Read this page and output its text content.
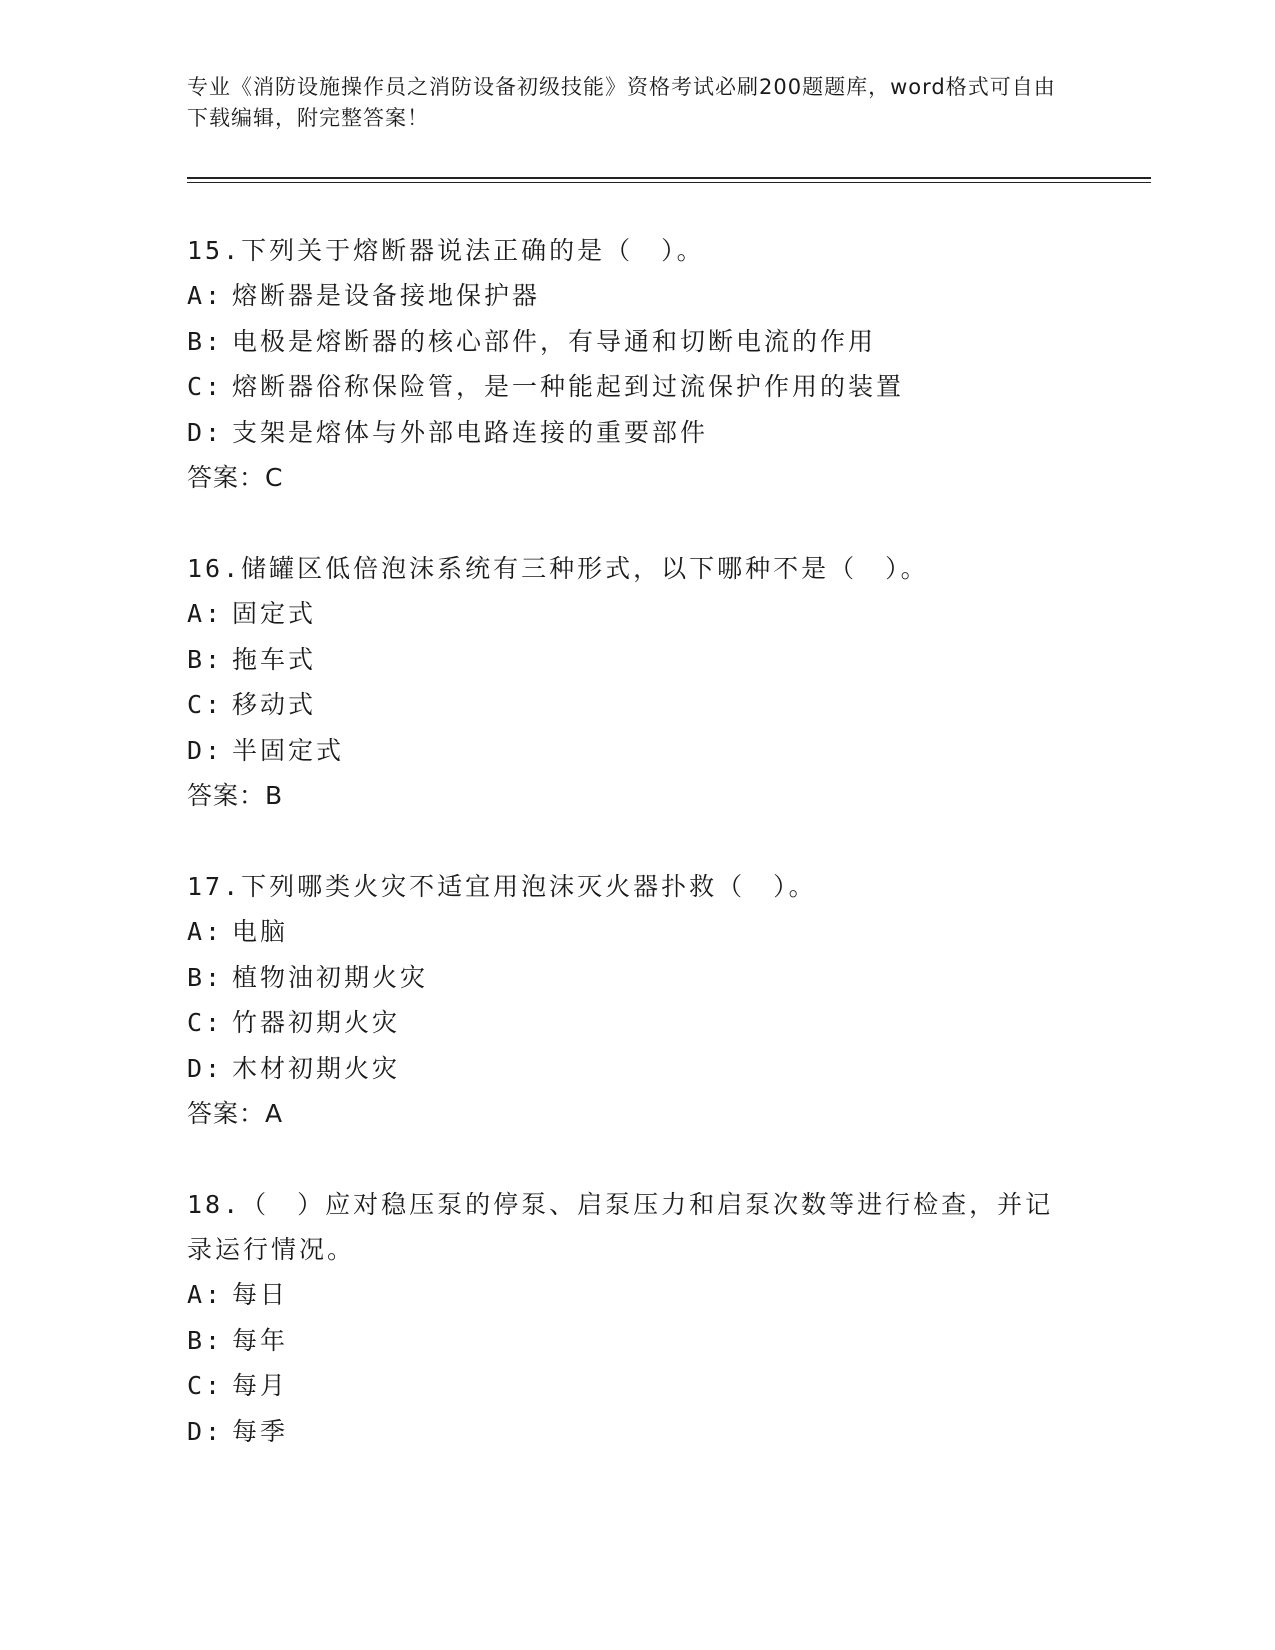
专业《消防设施操作员之消防设备初级技能》资格考试必刷200题题库，word格式可自由下载编辑，附完整答案！
15.下列关于熔断器说法正确的是（　）。
A: 熔断器是设备接地保护器
B: 电极是熔断器的核心部件，有导通和切断电流的作用
C: 熔断器俗称保险管，是一种能起到过流保护作用的装置
D: 支架是熔体与外部电路连接的重要部件
答案：C
16.储罐区低倍泡沫系统有三种形式，以下哪种不是（　）。
A: 固定式
B: 拖车式
C: 移动式
D: 半固定式
答案：B
17.下列哪类火灾不适宜用泡沫灭火器扑救（　）。
A: 电脑
B: 植物油初期火灾
C: 竹器初期火灾
D: 木材初期火灾
答案：A
18.（　）应对稳压泵的停泵、启泵压力和启泵次数等进行检查，并记录运行情况。
A: 每日
B: 每年
C: 每月
D: 每季
